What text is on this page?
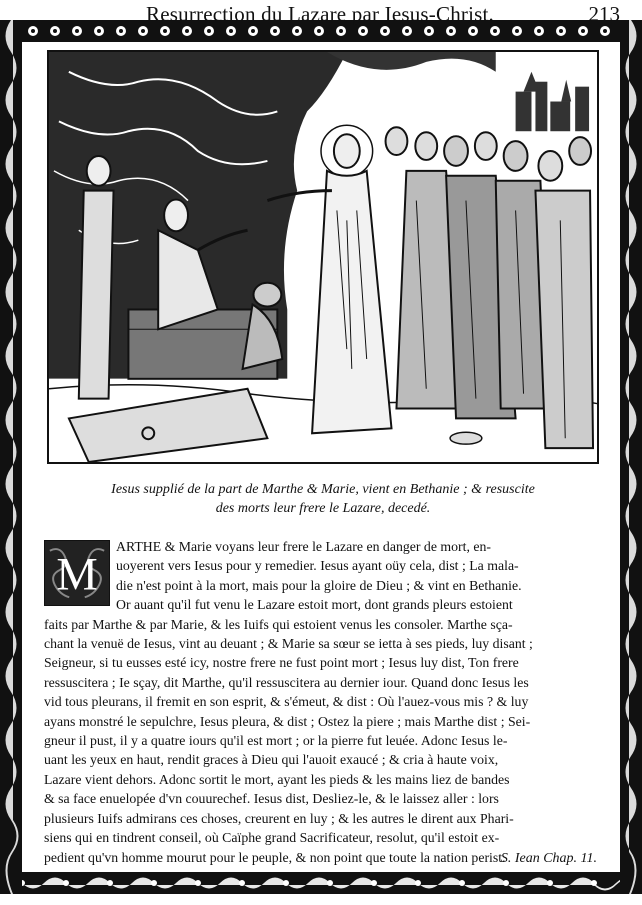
Resurrection du Lazare par Iesus-Christ.	213
Iesus supplié de la part de Marthe & Marie, vient en Bethanie ; & resuscite
des morts leur frere le Lazare, decedé.
M
ARTHE & Marie voyans leur frere le Lazare en danger de mort, en-
uoyerent vers Iesus pour y remedier. Iesus ayant oüy cela, dist ; La mala-
die n'est point à la mort, mais pour la gloire de Dieu ; & vint en Bethanie.
Or auant qu'il fut venu le Lazare estoit mort, dont grands pleurs estoient
faits par Marthe & par Marie, & les Iuifs qui estoient venus les consoler. Marthe sça-
chant la venuë de Iesus, vint au deuant ; & Marie sa sœur se ietta à ses pieds, luy disant ;
Seigneur, si tu eusses esté icy, nostre frere ne fust point mort ; Iesus luy dist, Ton frere
ressuscitera ; Ie sçay, dit Marthe, qu'il ressuscitera au dernier iour. Quand donc Iesus les
vid tous pleurans, il fremit en son esprit, & s'émeut, & dist : Où l'auez-vous mis ? & luy
ayans monstré le sepulchre, Iesus pleura, & dist ; Ostez la piere ; mais Marthe dist ; Sei-
gneur il pust, il y a quatre iours qu'il est mort ; or la pierre fut leuée. Adonc Iesus le-
uant les yeux en haut, rendit graces à Dieu qui l'auoit exaucé ; & cria à haute voix,
Lazare vient dehors. Adonc sortit le mort, ayant les pieds & les mains liez de bandes
& sa face enuelopée d'vn couurechef. Iesus dist, Desliez-le, & le laissez aller : lors
plusieurs Iuifs admirans ces choses, creurent en luy ; & les autres le dirent aux Phari-
siens qui en tindrent conseil, où Caïphe grand Sacrificateur, resolut, qu'il estoit ex-
pedient qu'vn homme mourut pour le peuple, & non point que toute la nation perist.
S. Iean Chap. 11.
